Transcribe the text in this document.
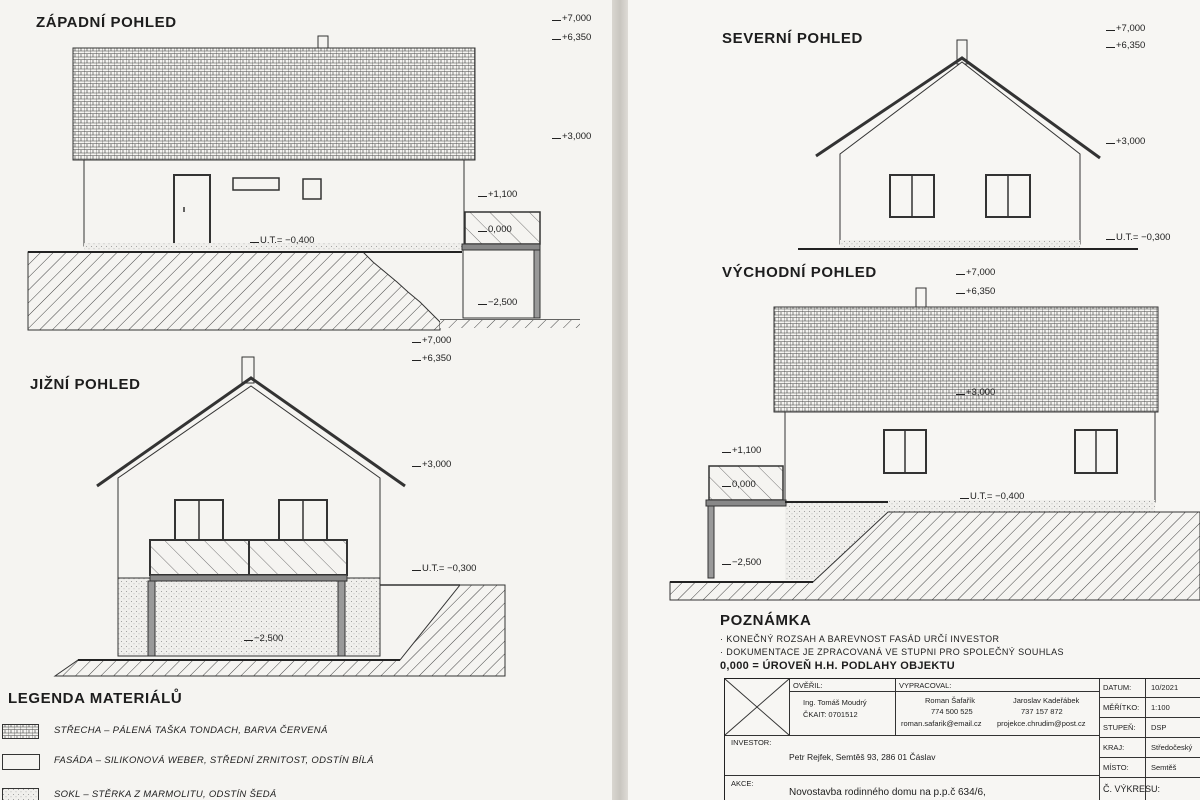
ZÁPADNÍ POHLED	+7,000
+6,350
+3,000
+1,100
0,000
U.T.= −0,400
−2,500
JIŽNÍ POHLED
+7,000
+6,350
+3,000
U.T.= −0,300
−2,500
LEGENDA MATERIÁLŮ
STŘECHA – PÁLENÁ TAŠKA TONDACH, BARVA ČERVENÁ
FASÁDA – SILIKONOVÁ WEBER, STŘEDNÍ ZRNITOST, ODSTÍN BÍLÁ
SOKL – STĚRKA Z MARMOLITU, ODSTÍN ŠEDÁ
SEVERNÍ POHLED
+7,000
+6,350
+3,000
U.T.= −0,300
VÝCHODNÍ POHLED	+7,000
+6,350
+3,000
+1,100
0,000
U.T.= −0,400
−2,500
POZNÁMKA
· KONEČNÝ ROZSAH A BAREVNOST FASÁD URČÍ INVESTOR
· DOKUMENTACE JE ZPRACOVANÁ VE STUPNI PRO SPOLEČNÝ SOUHLAS
0,000 = ÚROVEŇ H.H. PODLAHY OBJEKTU
OVĚŘIL:
Ing. Tomáš Moudrý
ČKAIT: 0701512
VYPRACOVAL:
Roman Šafařík
774 500 525
roman.safarik@email.cz
Jaroslav Kadeřábek
737 157 872
projekce.chrudim@post.cz
INVESTOR:
Petr Rejfek, Semtěš 93, 286 01 Čáslav
AKCE:
Novostavba rodinného domu na p.p.č 634/6,
DATUM:	10/2021
MĚŘÍTKO: 1:100
STUPEŇ: DSP
KRAJ:	Středočeský
MÍSTO:	Semtěš
Č. VÝKRESU:
